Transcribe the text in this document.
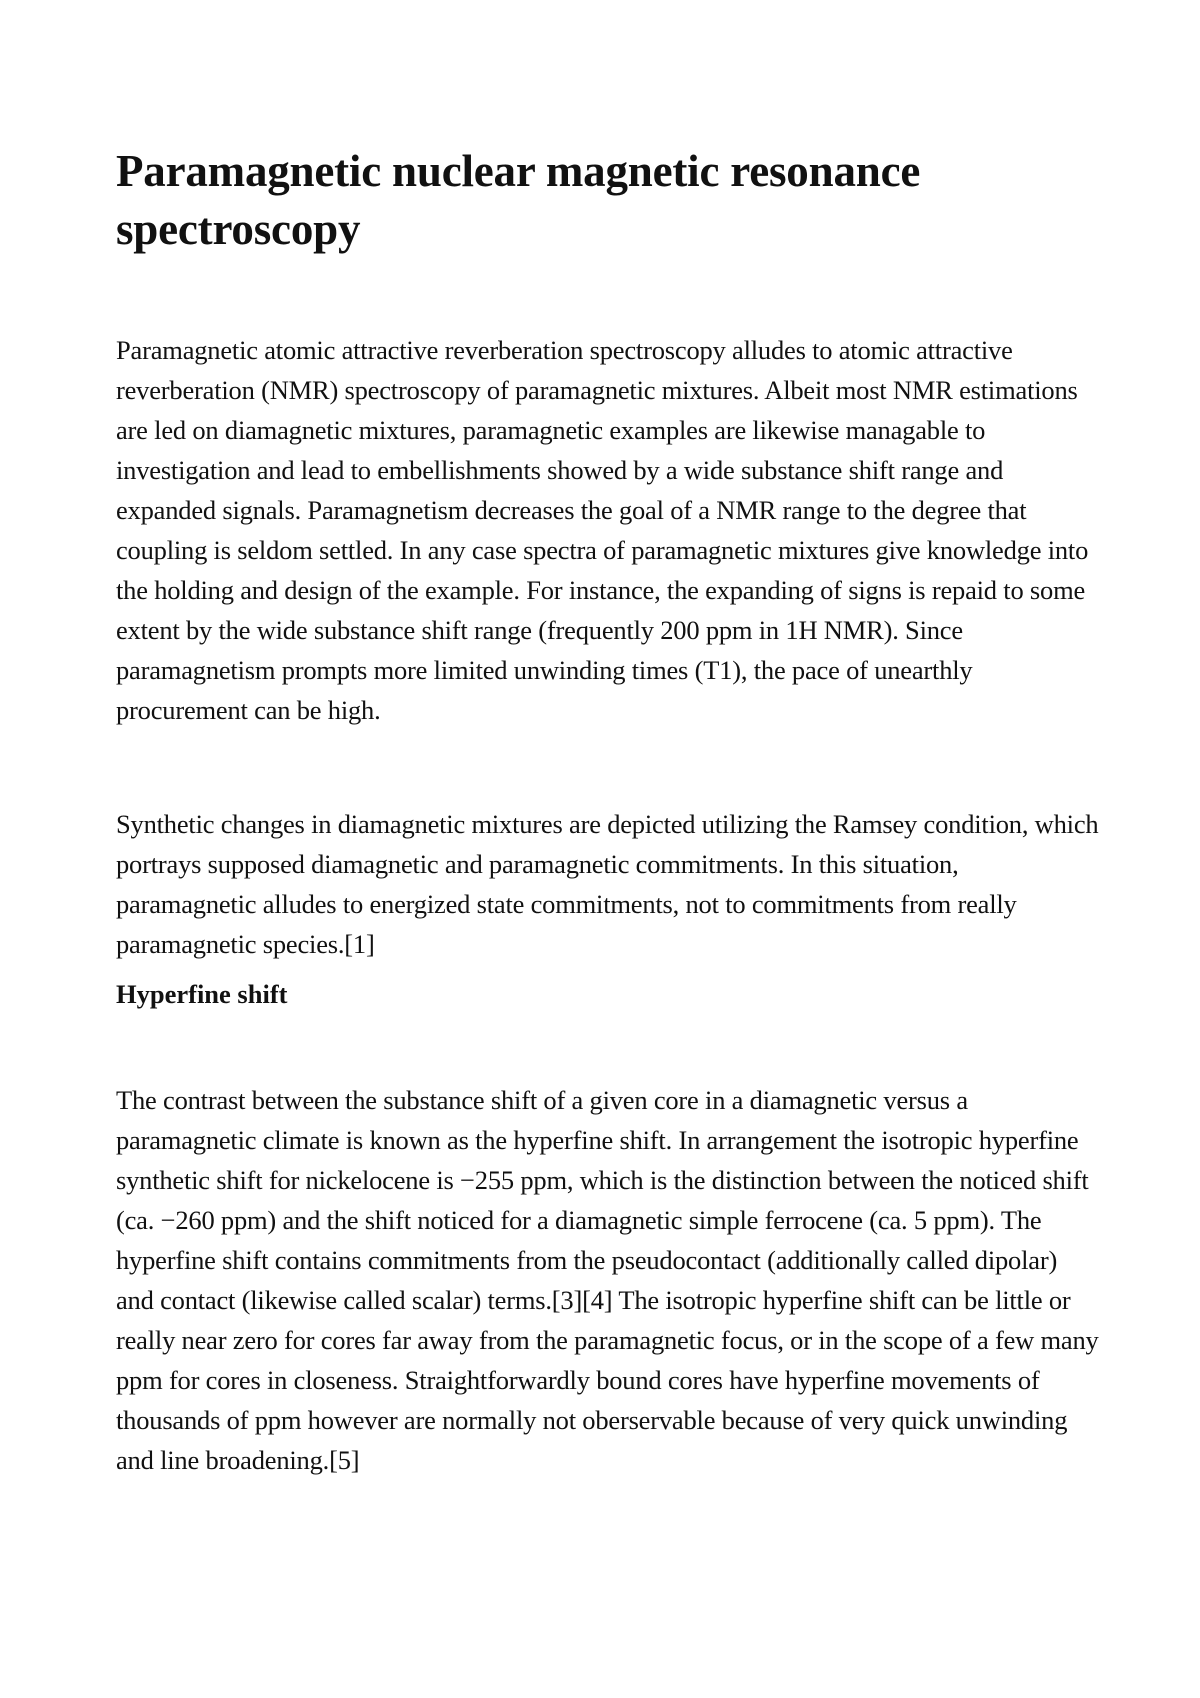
Paramagnetic nuclear magnetic resonance spectroscopy

Paramagnetic atomic attractive reverberation spectroscopy alludes to atomic attractive reverberation (NMR) spectroscopy of paramagnetic mixtures. Albeit most NMR estimations are led on diamagnetic mixtures, paramagnetic examples are likewise managable to investigation and lead to embellishments showed by a wide substance shift range and expanded signals. Paramagnetism decreases the goal of a NMR range to the degree that coupling is seldom settled. In any case spectra of paramagnetic mixtures give knowledge into the holding and design of the example. For instance, the expanding of signs is repaid to some extent by the wide substance shift range (frequently 200 ppm in 1H NMR). Since paramagnetism prompts more limited unwinding times (T1), the pace of unearthly procurement can be high.

Synthetic changes in diamagnetic mixtures are depicted utilizing the Ramsey condition, which portrays supposed diamagnetic and paramagnetic commitments. In this situation, paramagnetic alludes to energized state commitments, not to commitments from really paramagnetic species.[1]

Hyperfine shift

The contrast between the substance shift of a given core in a diamagnetic versus a paramagnetic climate is known as the hyperfine shift. In arrangement the isotropic hyperfine synthetic shift for nickelocene is −255 ppm, which is the distinction between the noticed shift (ca. −260 ppm) and the shift noticed for a diamagnetic simple ferrocene (ca. 5 ppm). The hyperfine shift contains commitments from the pseudocontact (additionally called dipolar) and contact (likewise called scalar) terms.[3][4] The isotropic hyperfine shift can be little or really near zero for cores far away from the paramagnetic focus, or in the scope of a few many ppm for cores in closeness. Straightforwardly bound cores have hyperfine movements of thousands of ppm however are normally not oberservable because of very quick unwinding and line broadening.[5]
